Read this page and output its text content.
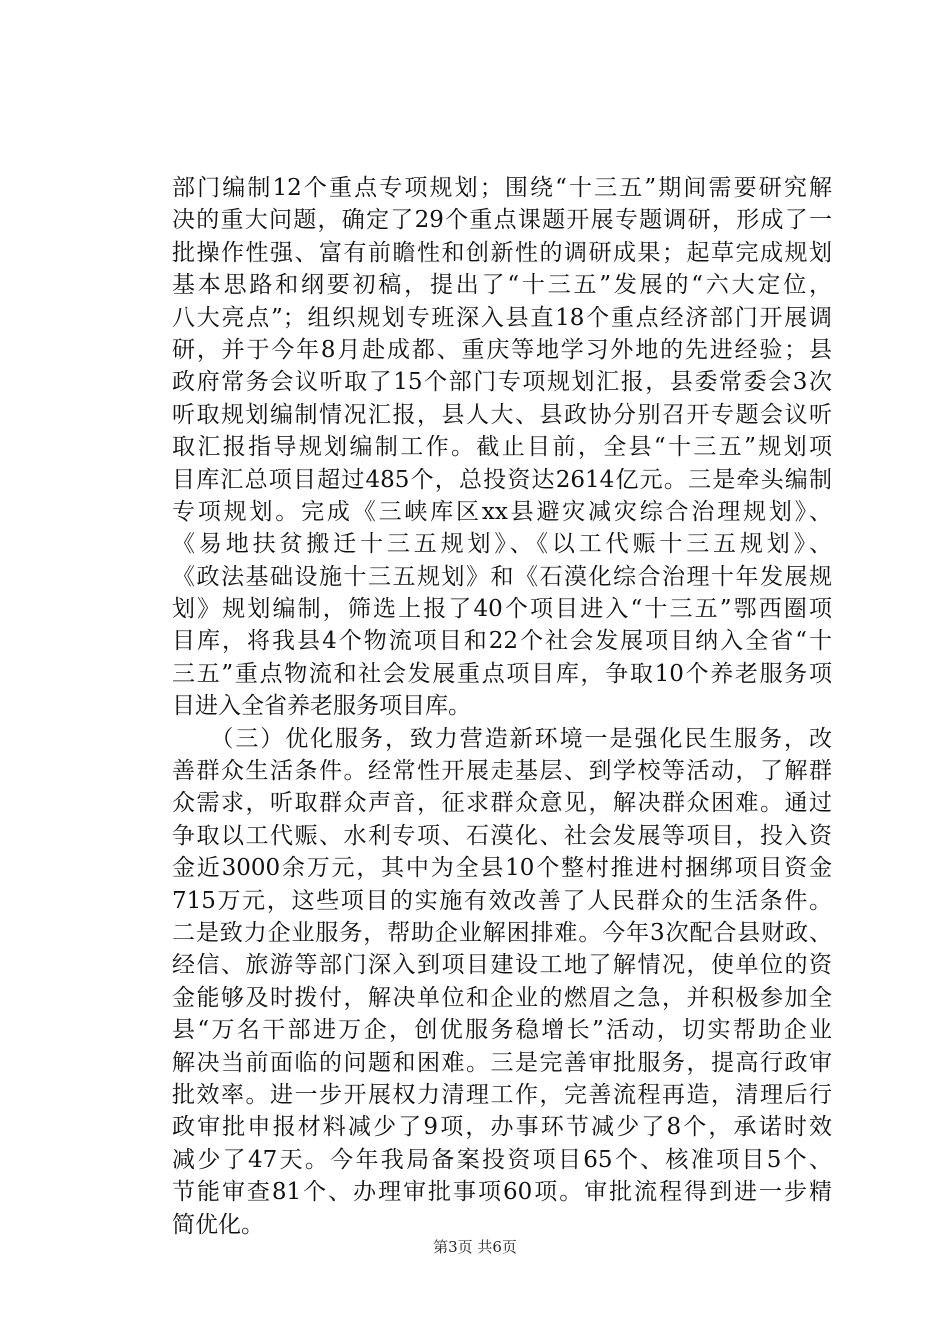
部门编制12个重点专项规划；围绕“十三五”期间需要研究解
决的重大问题，确定了29个重点课题开展专题调研，形成了一
批操作性强、富有前瞻性和创新性的调研成果；起草完成规划
基本思路和纲要初稿，提出了“十三五”发展的“六大定位，
八大亮点”；组织规划专班深入县直18个重点经济部门开展调
研，并于今年8月赴成都、重庆等地学习外地的先进经验；县
政府常务会议听取了15个部门专项规划汇报，县委常委会3次
听取规划编制情况汇报，县人大、县政协分别召开专题会议听
取汇报指导规划编制工作。截止目前，全县“十三五”规划项
目库汇总项目超过485个，总投资达2614亿元。三是牵头编制
专项规划。完成《三峡库区xx县避灾减灾综合治理规划》、
《易地扶贫搬迁十三五规划》、《以工代赈十三五规划》、
《政法基础设施十三五规划》和《石漠化综合治理十年发展规
划》规划编制，筛选上报了40个项目进入“十三五”鄂西圈项
目库，将我县4个物流项目和22个社会发展项目纳入全省“十
三五”重点物流和社会发展重点项目库，争取10个养老服务项
目进入全省养老服务项目库。
　　（三）优化服务，致力营造新环境一是强化民生服务，改
善群众生活条件。经常性开展走基层、到学校等活动，了解群
众需求，听取群众声音，征求群众意见，解决群众困难。通过
争取以工代赈、水利专项、石漠化、社会发展等项目，投入资
金近3000余万元，其中为全县10个整村推进村捆绑项目资金
715万元，这些项目的实施有效改善了人民群众的生活条件。
二是致力企业服务，帮助企业解困排难。今年3次配合县财政、
经信、旅游等部门深入到项目建设工地了解情况，使单位的资
金能够及时拨付，解决单位和企业的燃眉之急，并积极参加全
县“万名干部进万企，创优服务稳增长”活动，切实帮助企业
解决当前面临的问题和困难。三是完善审批服务，提高行政审
批效率。进一步开展权力清理工作，完善流程再造，清理后行
政审批申报材料减少了9项，办事环节减少了8个，承诺时效
减少了47天。今年我局备案投资项目65个、核准项目5个、
节能审查81个、办理审批事项60项。审批流程得到进一步精
简优化。
第3页 共6页
